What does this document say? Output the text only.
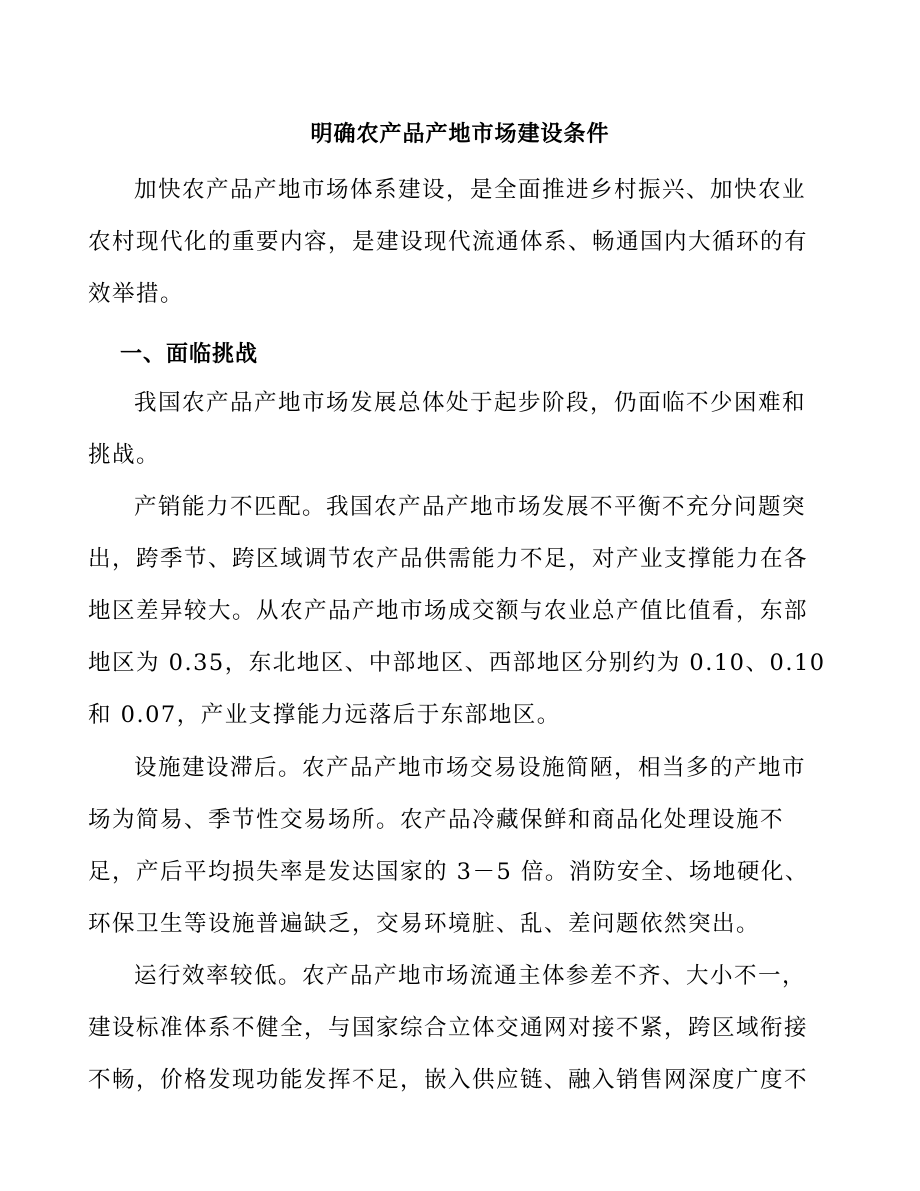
明确农产品产地市场建设条件

加快农产品产地市场体系建设，是全面推进乡村振兴、加快农业农村现代化的重要内容，是建设现代流通体系、畅通国内大循环的有效举措。

一、面临挑战

我国农产品产地市场发展总体处于起步阶段，仍面临不少困难和挑战。

产销能力不匹配。我国农产品产地市场发展不平衡不充分问题突出，跨季节、跨区域调节农产品供需能力不足，对产业支撑能力在各地区差异较大。从农产品产地市场成交额与农业总产值比值看，东部地区为 0.35，东北地区、中部地区、西部地区分别约为 0.10、0.10 和 0.07，产业支撑能力远落后于东部地区。

设施建设滞后。农产品产地市场交易设施简陋，相当多的产地市场为简易、季节性交易场所。农产品冷藏保鲜和商品化处理设施不足，产后平均损失率是发达国家的 3－5 倍。消防安全、场地硬化、环保卫生等设施普遍缺乏，交易环境脏、乱、差问题依然突出。

运行效率较低。农产品产地市场流通主体参差不齐、大小不一，建设标准体系不健全，与国家综合立体交通网对接不紧，跨区域衔接不畅，价格发现功能发挥不足，嵌入供应链、融入销售网深度广度不
